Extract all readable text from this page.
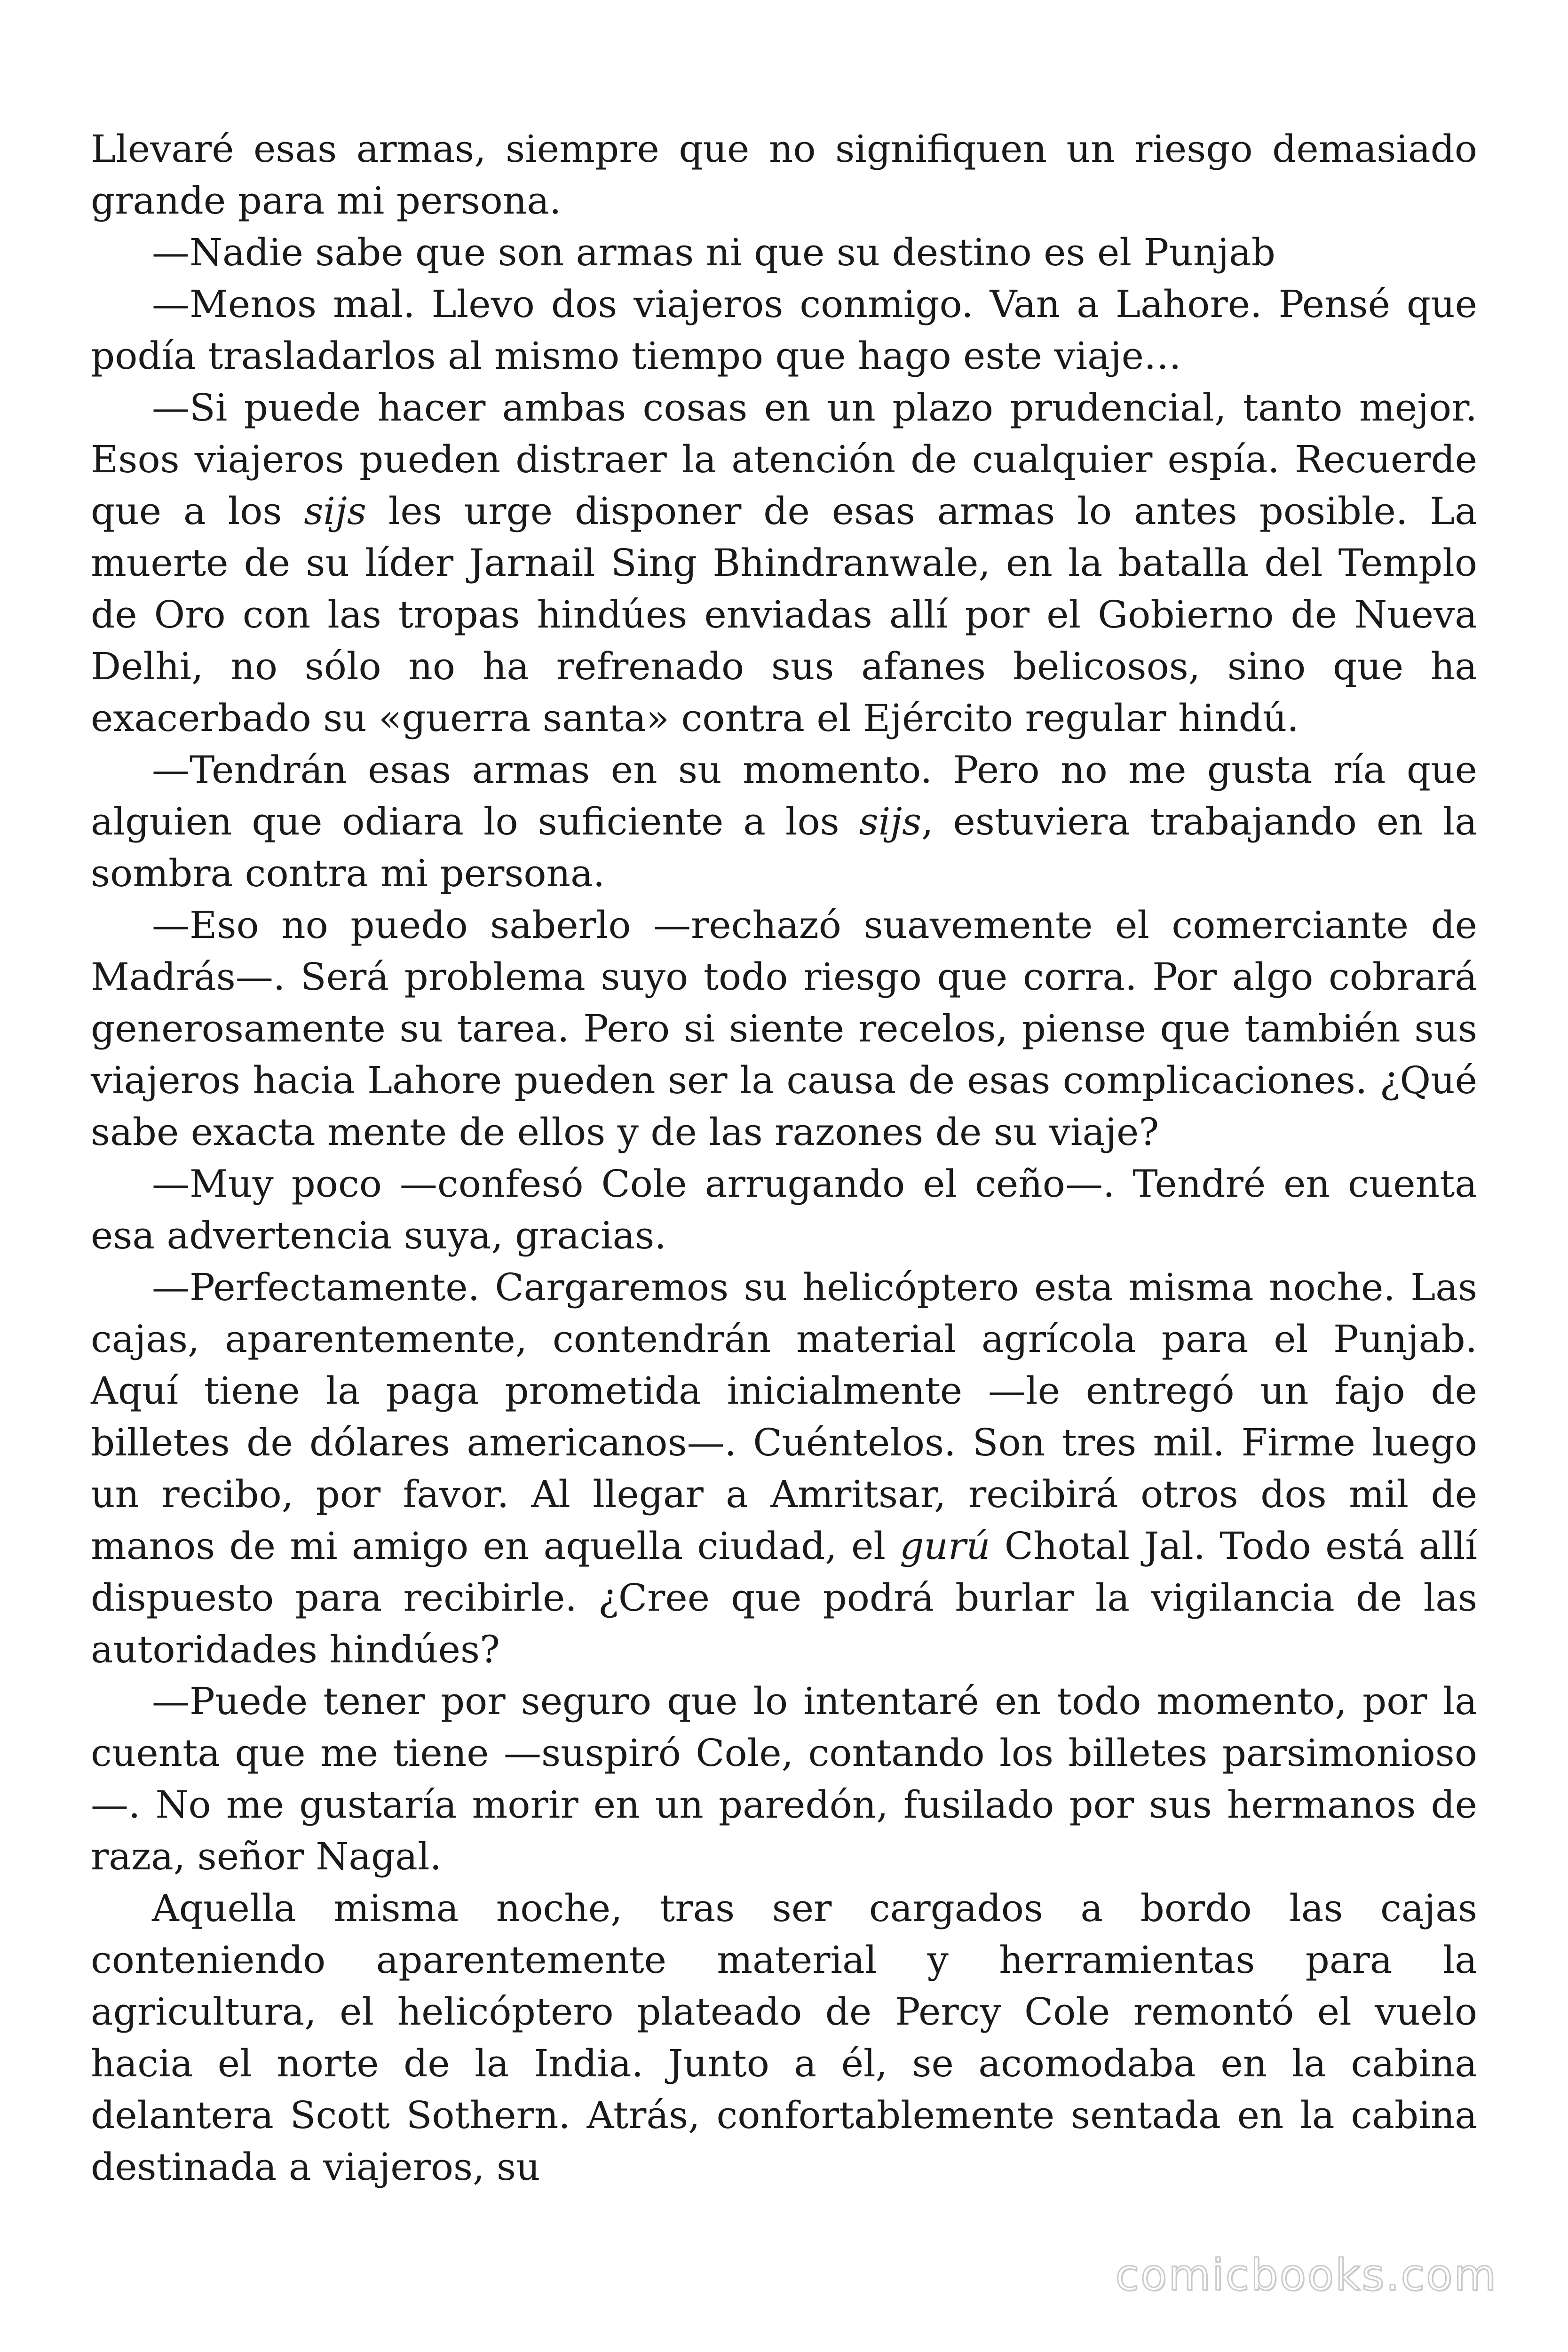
Llevaré esas armas, siempre que no signifiquen un riesgo demasiado grande para mi persona.

—Nadie sabe que son armas ni que su destino es el Punjab

—Menos mal. Llevo dos viajeros conmigo. Van a Lahore. Pensé que podía trasladarlos al mismo tiempo que hago este viaje…

—Si puede hacer ambas cosas en un plazo prudencial, tanto mejor. Esos viajeros pueden distraer la atención de cualquier espía. Recuerde que a los sijs les urge disponer de esas armas lo antes posible. La muerte de su líder Jarnail Sing Bhindranwale, en la batalla del Templo de Oro con las tropas hindúes enviadas allí por el Gobierno de Nueva Delhi, no sólo no ha refrenado sus afanes belicosos, sino que ha exacerbado su «guerra santa» contra el Ejército regular hindú.

—Tendrán esas armas en su momento. Pero no me gusta ría que alguien que odiara lo suficiente a los sijs, estuviera trabajando en la sombra contra mi persona.

—Eso no puedo saberlo —rechazó suavemente el comerciante de Madrás—. Será problema suyo todo riesgo que corra. Por algo cobrará generosamente su tarea. Pero si siente recelos, piense que también sus viajeros hacia Lahore pueden ser la causa de esas complicaciones. ¿Qué sabe exacta mente de ellos y de las razones de su viaje?

—Muy poco —confesó Cole arrugando el ceño—. Tendré en cuenta esa advertencia suya, gracias.

—Perfectamente. Cargaremos su helicóptero esta misma noche. Las cajas, aparentemente, contendrán material agrícola para el Punjab. Aquí tiene la paga prometida inicialmente —le entregó un fajo de billetes de dólares americanos—. Cuéntelos. Son tres mil. Firme luego un recibo, por favor. Al llegar a Amritsar, recibirá otros dos mil de manos de mi amigo en aquella ciudad, el gurú Chotal Jal. Todo está allí dispuesto para recibirle. ¿Cree que podrá burlar la vigilancia de las autoridades hindúes?

—Puede tener por seguro que lo intentaré en todo momento, por la cuenta que me tiene —suspiró Cole, contando los billetes parsimonioso —. No me gustaría morir en un paredón, fusilado por sus hermanos de raza, señor Nagal.

Aquella misma noche, tras ser cargados a bordo las cajas conteniendo aparentemente material y herramientas para la agricultura, el helicóptero plateado de Percy Cole remontó el vuelo hacia el norte de la India. Junto a él, se acomodaba en la cabina delantera Scott Sothern. Atrás, confortablemente sentada en la cabina destinada a viajeros, su

comicbooks.com
